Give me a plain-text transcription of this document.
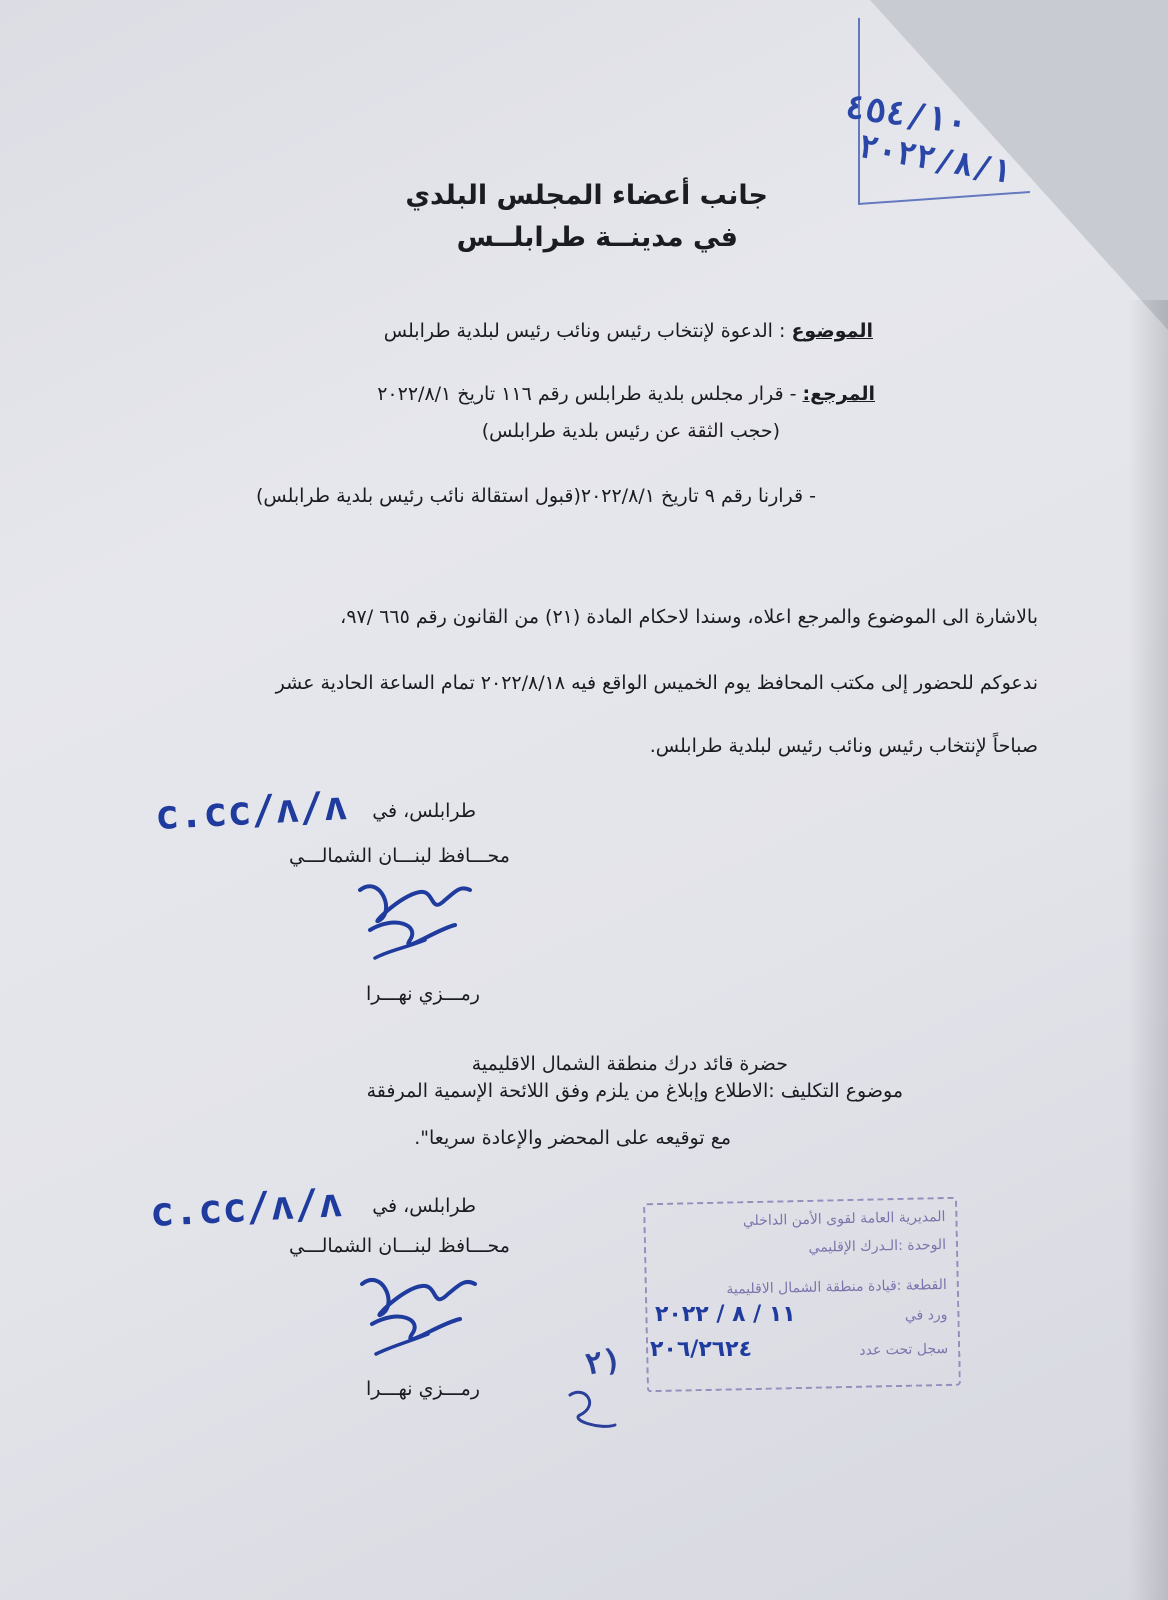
٤٥٤/١٠
٢٠٢٢/٨/١
جانب أعضاء المجلس البلدي
في مدينــة طرابلــس
الموضوع : الدعوة لإنتخاب رئيس ونائب رئيس لبلدية طرابلس
المرجع: - قرار مجلس بلدية طرابلس رقم ١١٦ تاريخ ٢٠٢٢/٨/١
(حجب الثقة عن رئيس بلدية طرابلس)
- قرارنا رقم ٩ تاريخ ٢٠٢٢/٨/١(قبول استقالة نائب رئيس بلدية طرابلس)
بالاشارة الى الموضوع والمرجع اعلاه، وسندا لاحكام المادة (٢١) من القانون رقم ٦٦٥ /٩٧،
ندعوكم للحضور إلى مكتب المحافظ يوم الخميس الواقع فيه ٢٠٢٢/٨/١٨ تمام الساعة الحادية عشر
صباحاً لإنتخاب رئيس ونائب رئيس لبلدية طرابلس.
طرابلس، في
c.cc/ʌ/ʌ
محـــافظ لبنـــان الشمالـــي
رمـــزي نهـــرا
حضرة قائد درك منطقة الشمال الاقليمية
موضوع التكليف :الاطلاع وإبلاغ من يلزم وفق اللائحة الإسمية المرفقة
مع توقيعه على المحضر والإعادة سريعا".
طرابلس، في
c.cc/ʌ/ʌ
محـــافظ لبنـــان الشمالـــي
رمـــزي نهـــرا
٢)
المديرية العامة لقوى الأمن الداخلي
الوحدة :الـدرك الإقليمي
القطعة :قيادة منطقة الشمال الاقليمية
ورد في
سجل تحت عدد
١١ / ٨ / ٢٠٢٢
٢٠٦/٢٦٢٤
